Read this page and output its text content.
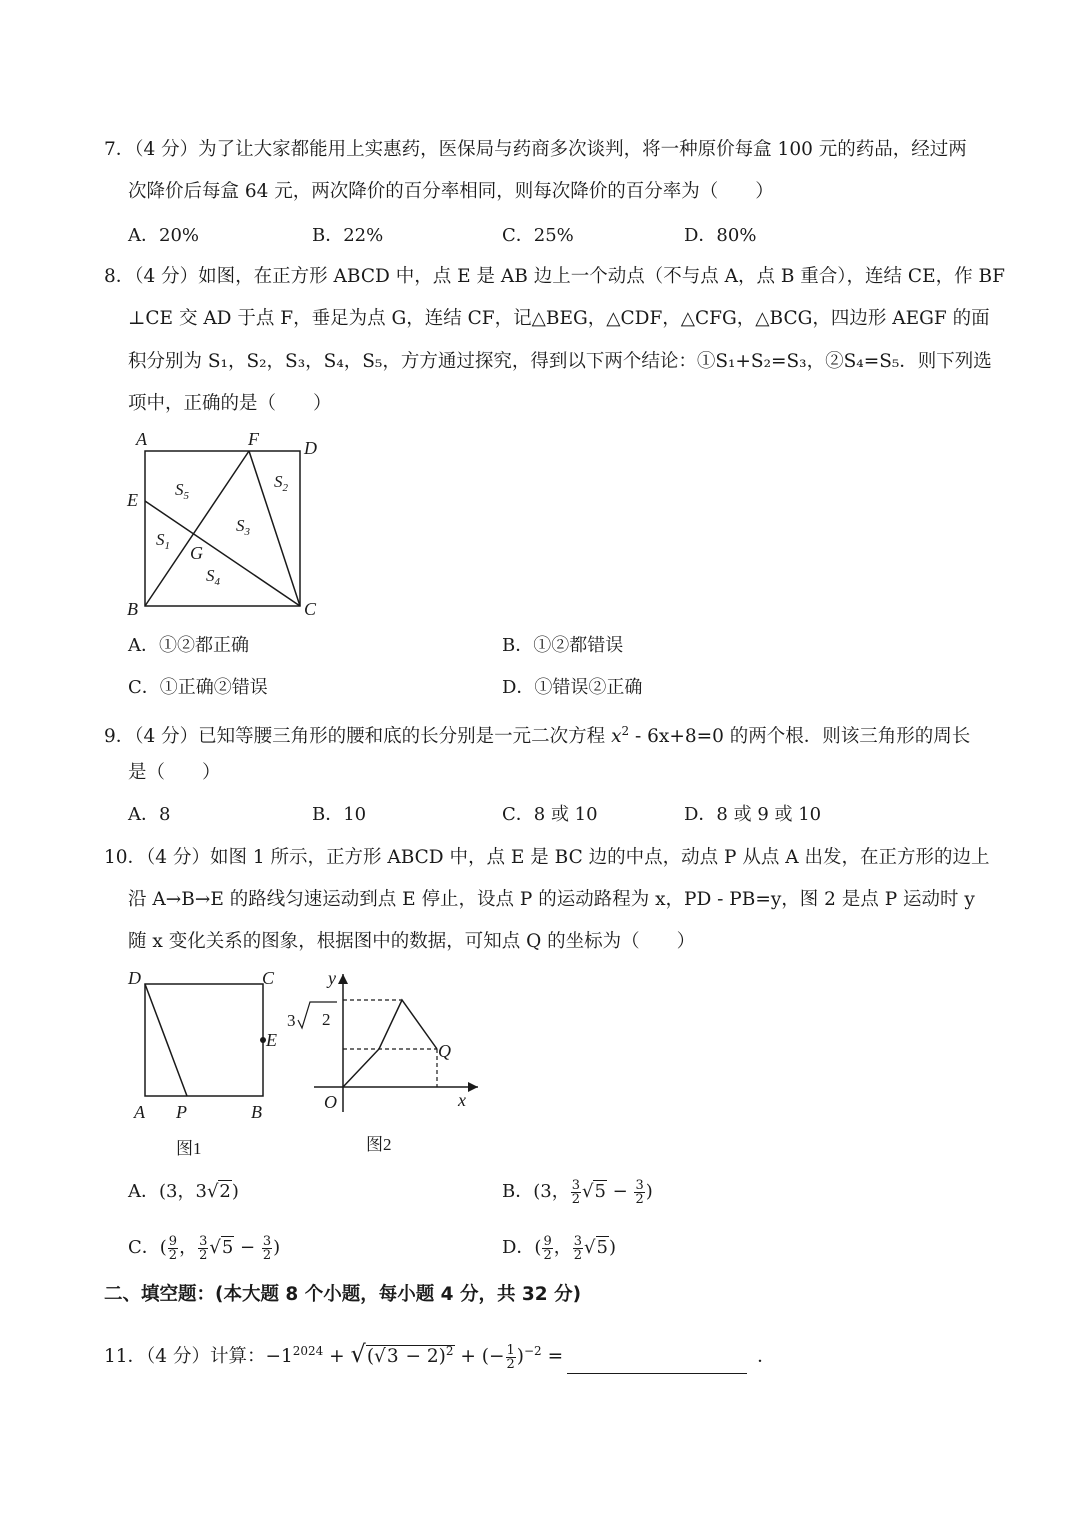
7．（4 分）为了让大家都能用上实惠药，医保局与药商多次谈判，将一种原价每盒 100 元的药品，经过两
次降价后每盒 64 元，两次降价的百分率相同，则每次降价的百分率为（　　）
A．20%	B．22%	C．25%	D．80%
8．（4 分）如图，在正方形 ABCD 中，点 E 是 AB 边上一个动点（不与点 A，点 B 重合），连结 CE，作 BF
⊥CE 交 AD 于点 F，垂足为点 G，连结 CF，记△BEG，△CDF，△CFG，△BCG，四边形 AEGF 的面
积分别为 S₁，S₂，S₃，S₄，S₅，方方通过探究，得到以下两个结论：①S₁+S₂=S₃，②S₄=S₅．则下列选
项中，正确的是（　　）
A	F	D
E
G
B	C
$S_5$
$S_2$
$S_3$
$S_1$
$S_4$
A．①②都正确	B．①②都错误
C．①正确②错误	D．①错误②正确
9．（4 分）已知等腰三角形的腰和底的长分别是一元二次方程 $x^2 - 6x+8=0$ 的两个根．则该三角形的周长
是（　　）
A．8	B．10	C．8 或 10	D．8 或 9 或 10
10．（4 分）如图 1 所示，正方形 ABCD 中，点 E 是 BC 边的中点，动点 P 从点 A 出发，在正方形的边上
沿 A→B→E 的路线匀速运动到点 E 停止，设点 P 的运动路程为 x，PD - PB=y，图 2 是点 P 运动时 y
随 x 变化关系的图象，根据图中的数据，可知点 Q 的坐标为（　　）
D	C
E
A P	B
图1
y
x
O
Q
3 2
图2
A．(3，3√2)	B．(3， $\frac{3}{2} √5 - \frac{3}{2}$ )
C．( $\frac{9}{2}$ ， $\frac{3}{2} √5 - \frac{3}{2}$ )	D．( $\frac{9}{2}$ ， $\frac{3}{2} √5$)
二、填空题：(本大题 8 个小题，每小题 4 分，共 32 分)
11．（4 分）计算：$-1^{2024} + √(√3 - 2)^2$ + (− $\frac{1}{2} )^{-2}$ =	．
